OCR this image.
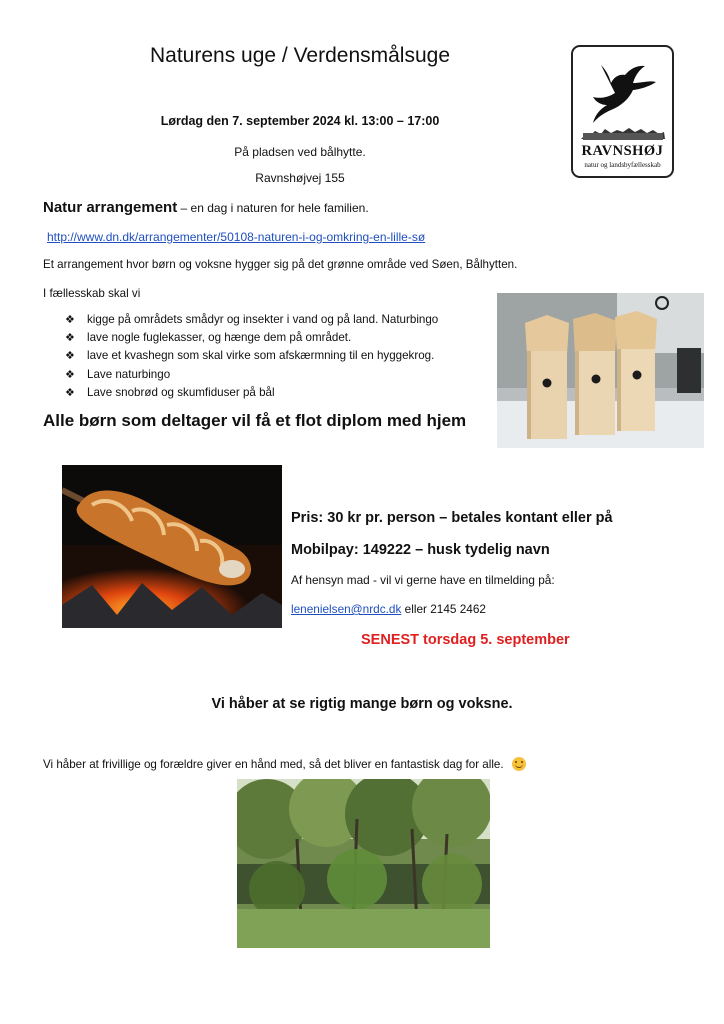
Naturens uge / Verdensmålsuge
Lørdag den 7. september 2024 kl. 13:00 – 17:00
På pladsen ved bålhytte.
Ravnshøjvej 155
RAVNSHØJ
natur og landsbyfællesskab
Natur arrangement – en dag i naturen for hele familien.
http://www.dn.dk/arrangementer/50108-naturen-i-og-omkring-en-lille-sø
Et arrangement hvor børn og voksne hygger sig på det grønne område ved Søen, Bålhytten.
I fællesskab skal vi
❖ kigge på områdets smådyr og insekter i vand og på land. Naturbingo
❖ lave nogle fuglekasser, og hænge dem på området.
❖ lave et kvashegn som skal virke som afskærmning til en hyggekrog.
❖ Lave naturbingo
❖ Lave snobrød og skumfiduser på bål
Alle børn som deltager vil få et flot diplom med hjem
Pris: 30 kr pr. person – betales kontant eller på
Mobilpay: 149222 – husk tydelig navn
Af hensyn mad - vil vi gerne have en tilmelding på:
lenenielsen@nrdc.dk eller 2145 2462
SENEST torsdag 5. september
Vi håber at se rigtig mange børn og voksne.
Vi håber at frivillige og forældre giver en hånd med, så det bliver en fantastisk dag for alle.
